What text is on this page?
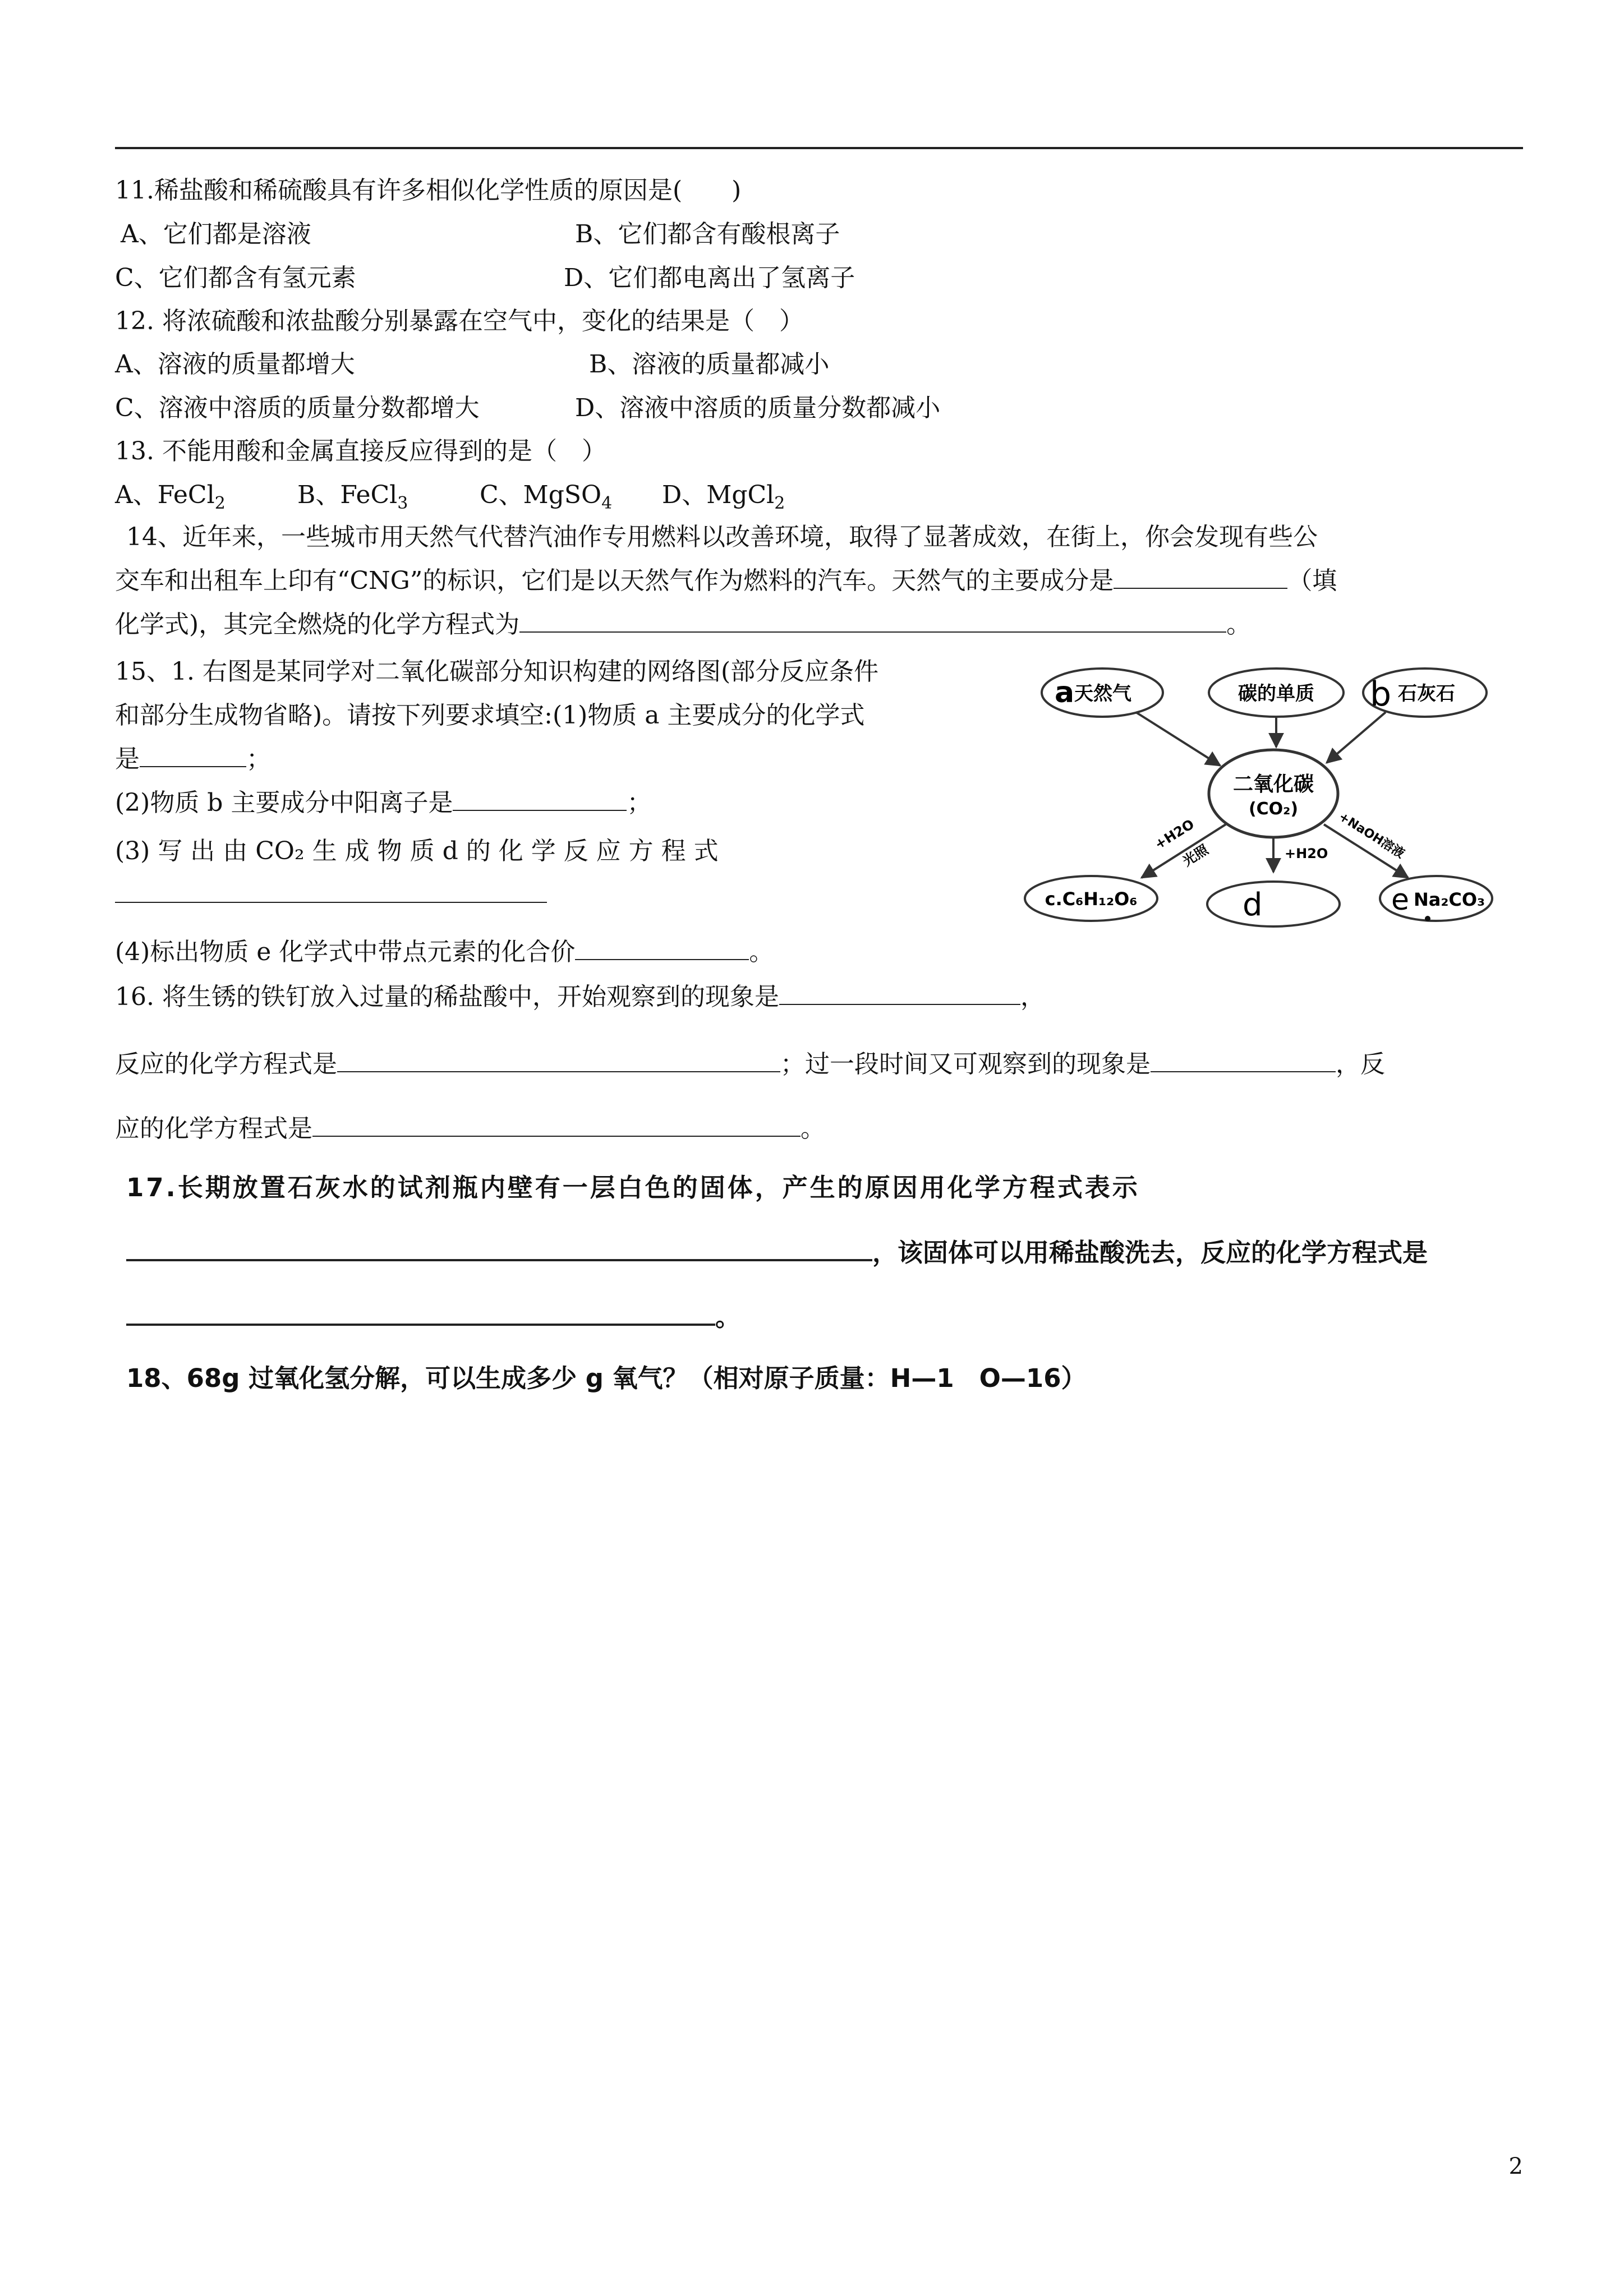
11.稀盐酸和稀硫酸具有许多相似化学性质的原因是(　　)
A、它们都是溶液	B、它们都含有酸根离子
C、它们都含有氢元素	D、它们都电离出了氢离子
12. 将浓硫酸和浓盐酸分别暴露在空气中，变化的结果是（　）
A、溶液的质量都增大	B、溶液的质量都减小
C、溶液中溶质的质量分数都增大	D、溶液中溶质的质量分数都减小
13. 不能用酸和金属直接反应得到的是（　）
A、FeCl$_2$	B、FeCl$_3$	C、MgSO$_4$ D、MgCl$_2$
14、近年来，一些城市用天然气代替汽油作专用燃料以改善环境，取得了显著成效，在街上，你会发现有些公
交车和出租车上印有“CNG”的标识，它们是以天然气作为燃料的汽车。天然气的主要成分是	（填
化学式)，其完全燃烧的化学方程式为	。
15、1. 右图是某同学对二氧化碳部分知识构建的网络图(部分反应条件
和部分生成物省略)。请按下列要求填空:(1)物质 a 主要成分的化学式
是	；
(2)物质 b 主要成分中阳离子是	；
(3) 写 出 由 CO₂ 生 成 物 质 d 的 化 学 反 应 方 程 式
(4)标出物质 e 化学式中带点元素的化合价	。
a 天然气	碳的单质 b 石灰石
二氧化碳
(CO₂)
+H2O
光照	+H2O +NaOH溶液
c.C₆H₁₂O₆	d	e Na₂CO₃
16. 将生锈的铁钉放入过量的稀盐酸中，开始观察到的现象是	，
反应的化学方程式是	；过一段时间又可观察到的现象是	，反
应的化学方程式是	。
17.长期放置石灰水的试剂瓶内壁有一层白色的固体，产生的原因用化学方程式表示
，该固体可以用稀盐酸洗去，反应的化学方程式是
。
18、68g 过氧化氢分解，可以生成多少 g 氧气？（相对原子质量：H—1　O—16）
2
